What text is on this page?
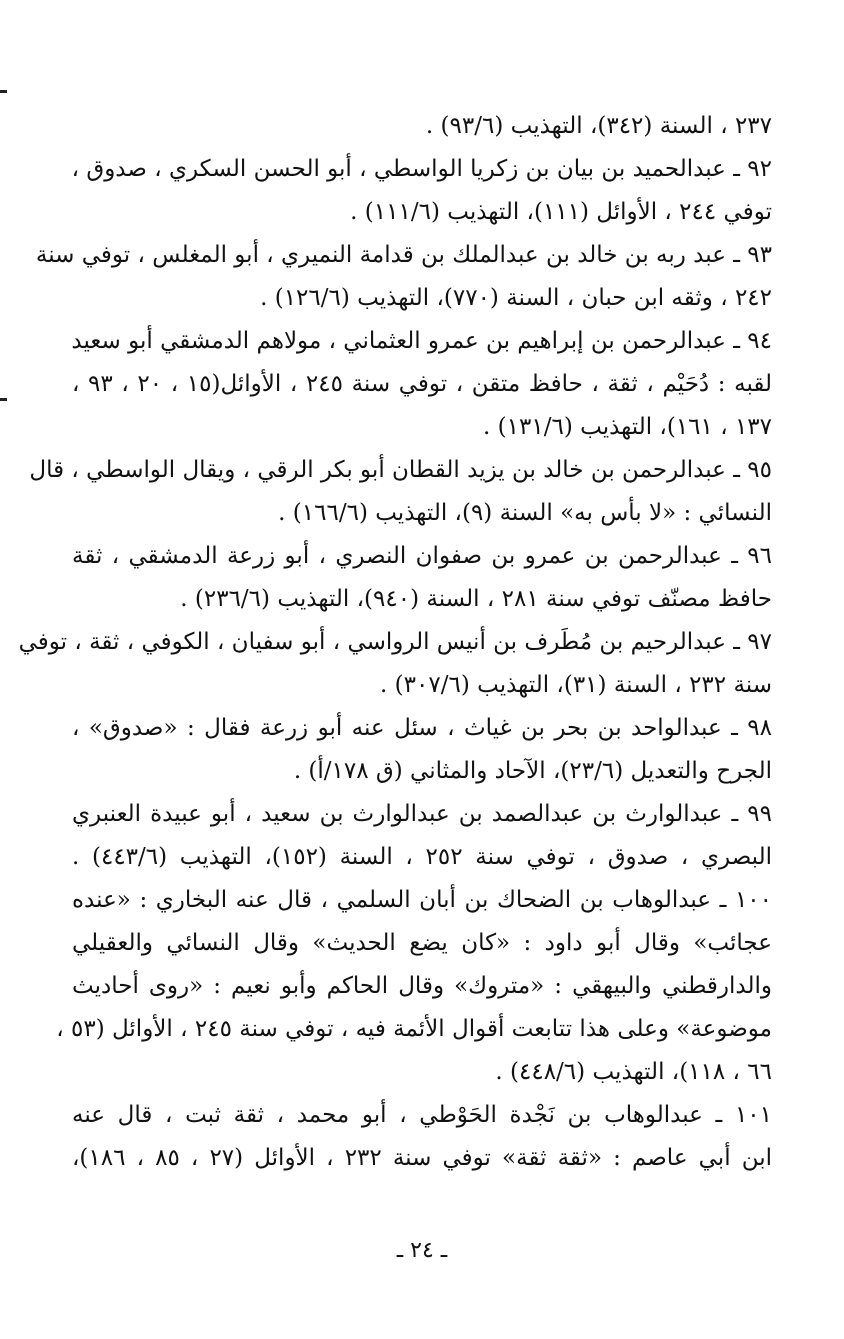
٢٣٧ ، السنة (٣٤٢)، التهذيب (٩٣/٦) .
٩٢ ـ عبدالحميد بن بيان بن زكريا الواسطي ، أبو الحسن السكري ، صدوق ،
توفي ٢٤٤ ، الأوائل (١١١)، التهذيب (١١١/٦) .
٩٣ ـ عبد ربه بن خالد بن عبدالملك بن قدامة النميري ، أبو المغلس ، توفي سنة
٢٤٢ ، وثقه ابن حبان ، السنة (٧٧٠)، التهذيب (١٢٦/٦) .
٩٤ ـ عبدالرحمن بن إبراهيم بن عمرو العثماني ، مولاهم الدمشقي أبو سعيد
لقبه : دُحَيْم ، ثقة ، حافظ متقن ، توفي سنة ٢٤٥ ، الأوائل(١٥ ، ٢٠ ، ٩٣ ،
١٣٧ ، ١٦١)، التهذيب (١٣١/٦) .
٩٥ ـ عبدالرحمن بن خالد بن يزيد القطان أبو بكر الرقي ، ويقال الواسطي ، قال
النسائي : «لا بأس به» السنة (٩)، التهذيب (١٦٦/٦) .
٩٦ ـ عبدالرحمن بن عمرو بن صفوان النصري ، أبو زرعة الدمشقي ، ثقة
حافظ مصنّف توفي سنة ٢٨١ ، السنة (٩٤٠)، التهذيب (٢٣٦/٦) .
٩٧ ـ عبدالرحيم بن مُطَرف بن أنيس الرواسي ، أبو سفيان ، الكوفي ، ثقة ، توفي
سنة ٢٣٢ ، السنة (٣١)، التهذيب (٣٠٧/٦) .
٩٨ ـ عبدالواحد بن بحر بن غياث ، سئل عنه أبو زرعة فقال : «صدوق» ،
الجرح والتعديل (٢٣/٦)، الآحاد والمثاني (ق ١٧٨/أ) .
٩٩ ـ عبدالوارث بن عبدالصمد بن عبدالوارث بن سعيد ، أبو عبيدة العنبري
البصري ، صدوق ، توفي سنة ٢٥٢ ، السنة (١٥٢)، التهذيب (٤٤٣/٦) .
١٠٠ ـ عبدالوهاب بن الضحاك بن أبان السلمي ، قال عنه البخاري : «عنده
عجائب» وقال أبو داود : «كان يضع الحديث» وقال النسائي والعقيلي
والدارقطني والبيهقي : «متروك» وقال الحاكم وأبو نعيم : «روى أحاديث
موضوعة» وعلى هذا تتابعت أقوال الأئمة فيه ، توفي سنة ٢٤٥ ، الأوائل (٥٣ ،
٦٦ ، ١١٨)، التهذيب (٤٤٨/٦) .
١٠١ ـ عبدالوهاب بن نَجْدة الحَوْطي ، أبو محمد ، ثقة ثبت ، قال عنه
ابن أبي عاصم : «ثقة ثقة» توفي سنة ٢٣٢ ، الأوائل (٢٧ ، ٨٥ ، ١٨٦)،
ـ ٢٤ ـ
